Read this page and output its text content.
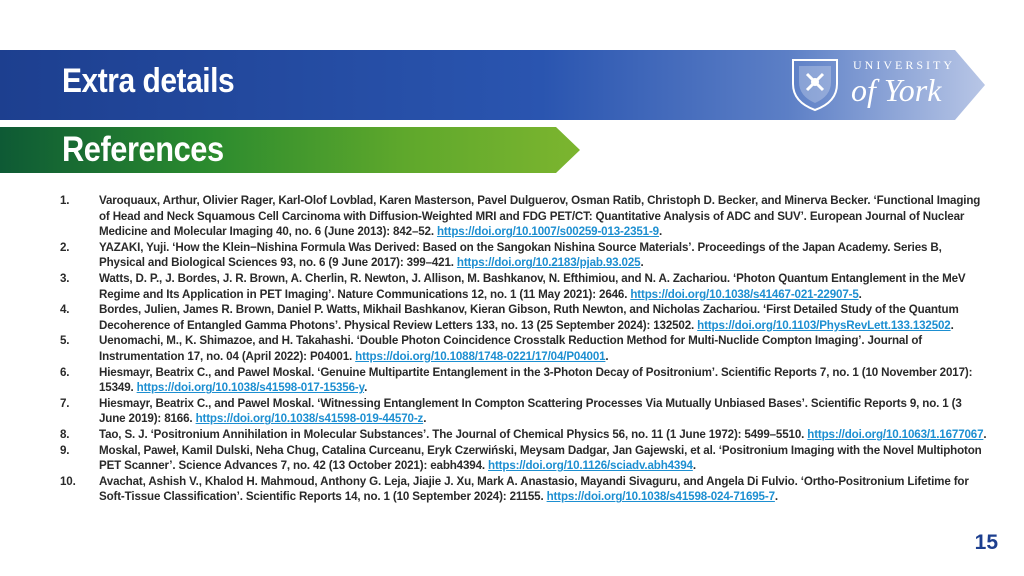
Extra details	UNIVERSITY
of York
References
1.	Varoquaux, Arthur, Olivier Rager, Karl-Olof Lovblad, Karen Masterson, Pavel Dulguerov, Osman Ratib, Christoph D. Becker, and Minerva Becker. ‘Functional Imaging of Head and Neck Squamous Cell Carcinoma with Diffusion-Weighted MRI and FDG PET/CT: Quantitative Analysis of ADC and SUV’. European Journal of Nuclear Medicine and Molecular Imaging 40, no. 6 (June 2013): 842–52. https://doi.org/10.1007/s00259-013-2351-9.
2.	YAZAKI, Yuji. ‘How the Klein−Nishina Formula Was Derived: Based on the Sangokan Nishina Source Materials’. Proceedings of the Japan Academy. Series B, Physical and Biological Sciences 93, no. 6 (9 June 2017): 399–421. https://doi.org/10.2183/pjab.93.025.
3.	Watts, D. P., J. Bordes, J. R. Brown, A. Cherlin, R. Newton, J. Allison, M. Bashkanov, N. Efthimiou, and N. A. Zachariou. ‘Photon Quantum Entanglement in the MeV Regime and Its Application in PET Imaging’. Nature Communications 12, no. 1 (11 May 2021): 2646. https://doi.org/10.1038/s41467-021-22907-5.
4.	Bordes, Julien, James R. Brown, Daniel P. Watts, Mikhail Bashkanov, Kieran Gibson, Ruth Newton, and Nicholas Zachariou. ‘First Detailed Study of the Quantum Decoherence of Entangled Gamma Photons’. Physical Review Letters 133, no. 13 (25 September 2024): 132502. https://doi.org/10.1103/PhysRevLett.133.132502.
5.	Uenomachi, M., K. Shimazoe, and H. Takahashi. ‘Double Photon Coincidence Crosstalk Reduction Method for Multi-Nuclide Compton Imaging’. Journal of Instrumentation 17, no. 04 (April 2022): P04001. https://doi.org/10.1088/1748-0221/17/04/P04001.
6.	Hiesmayr, Beatrix C., and Pawel Moskal. ‘Genuine Multipartite Entanglement in the 3-Photon Decay of Positronium’. Scientific Reports 7, no. 1 (10 November 2017): 15349. https://doi.org/10.1038/s41598-017-15356-y.
7.	Hiesmayr, Beatrix C., and Pawel Moskal. ‘Witnessing Entanglement In Compton Scattering Processes Via Mutually Unbiased Bases’. Scientific Reports 9, no. 1 (3 June 2019): 8166. https://doi.org/10.1038/s41598-019-44570-z.
8.	Tao, S. J. ‘Positronium Annihilation in Molecular Substances’. The Journal of Chemical Physics 56, no. 11 (1 June 1972): 5499–5510. https://doi.org/10.1063/1.1677067.
9.	Moskal, Paweł, Kamil Dulski, Neha Chug, Catalina Curceanu, Eryk Czerwiński, Meysam Dadgar, Jan Gajewski, et al. ‘Positronium Imaging with the Novel Multiphoton PET Scanner’. Science Advances 7, no. 42 (13 October 2021): eabh4394. https://doi.org/10.1126/sciadv.abh4394.
10.	Avachat, Ashish V., Khalod H. Mahmoud, Anthony G. Leja, Jiajie J. Xu, Mark A. Anastasio, Mayandi Sivaguru, and Angela Di Fulvio. ‘Ortho-Positronium Lifetime for Soft-Tissue Classification’. Scientific Reports 14, no. 1 (10 September 2024): 21155. https://doi.org/10.1038/s41598-024-71695-7.
15
